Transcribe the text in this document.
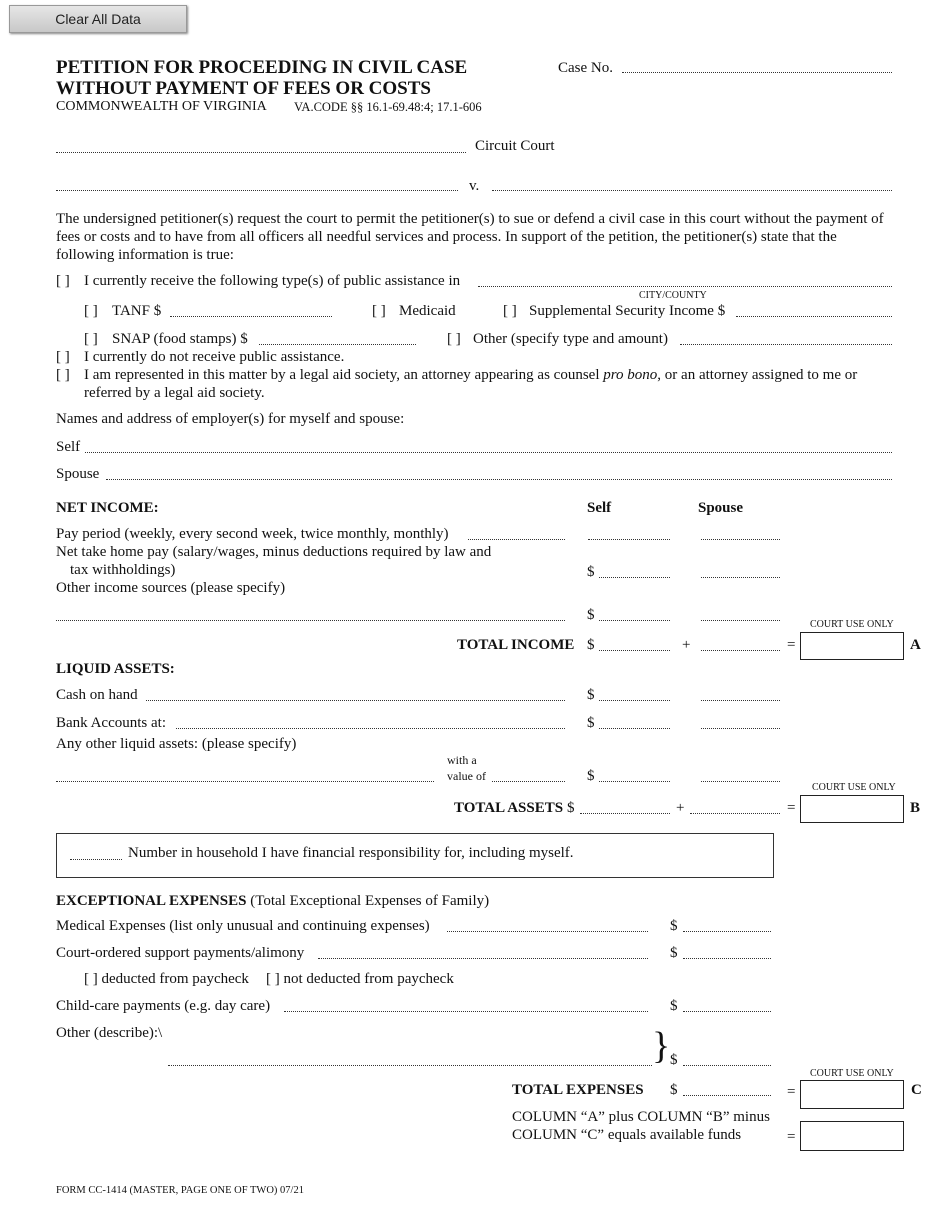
Clear All Data
PETITION FOR PROCEEDING IN CIVIL CASE
WITHOUT PAYMENT OF FEES OR COSTS
COMMONWEALTH OF VIRGINIA VA.CODE §§ 16.1-69.48:4; 17.1-606
Case No.
Circuit Court
v.
The undersigned petitioner(s) request the court to permit the petitioner(s) to sue or defend a civil case in this court without the payment of fees or costs and to have from all officers all needful services and process. In support of the petition, the petitioner(s) state that the following information is true:
[ ] I currently receive the following type(s) of public assistance in
CITY/COUNTY
[ ] TANF $	[ ] Medicaid	[ ] Supplemental Security Income $
[ ] SNAP (food stamps) $	[ ] Other (specify type and amount)
[ ] I currently do not receive public assistance.
[ ] I am represented in this matter by a legal aid society, an attorney appearing as counsel pro bono, or an attorney assigned to me or
referred by a legal aid society.
Names and address of employer(s) for myself and spouse:
Self
Spouse
NET INCOME:	Self	Spouse
Pay period (weekly, every second week, twice monthly, monthly)
Net take home pay (salary/wages, minus deductions required by law and
tax withholdings)	$
Other income sources (please specify)
$
COURT USE ONLY
TOTAL INCOME $	+	=	A
LIQUID ASSETS:
Cash on hand	$
Bank Accounts at:	$
Any other liquid assets: (please specify)
with a
value of	$
COURT USE ONLY
TOTAL ASSETS $	+	=	B
Number in household I have financial responsibility for, including myself.
EXCEPTIONAL EXPENSES (Total Exceptional Expenses of Family)
Medical Expenses (list only unusual and continuing expenses)	$
Court-ordered support payments/alimony	$
[ ] deducted from paycheck [ ] not deducted from paycheck
Child-care payments (e.g. day care)	$
Other (describe):\	} $
COURT USE ONLY
TOTAL EXPENSES $	=	C
COLUMN “A” plus COLUMN “B” minus
COLUMN “C” equals available funds	=
FORM CC-1414 (MASTER, PAGE ONE OF TWO) 07/21
